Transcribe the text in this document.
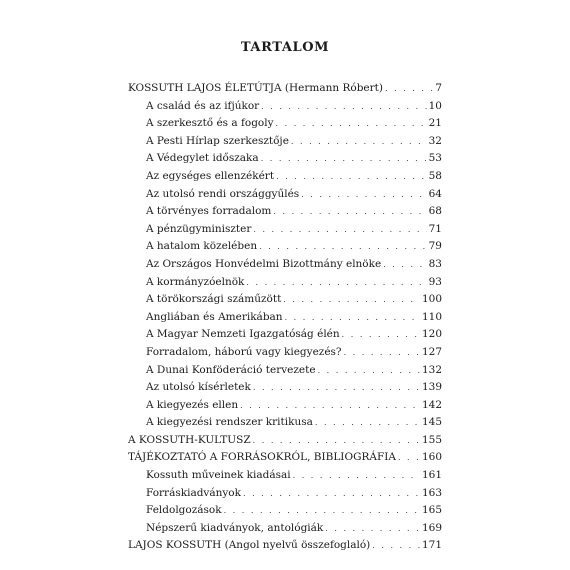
TARTALOM
KOSSUTH LAJOS ÉLETÚTJA (Hermann Róbert) . . .	7
A család és az ifjúkor . . .	10
A szerkesztő és a fogoly . . .	21
A Pesti Hírlap szerkesztője . . .	32
A Védegylet időszaka . . .	53
Az egységes ellenzékért . . .	58
Az utolsó rendi országgyűlés . . .	64
A törvényes forradalom . . .	68
A pénzügyminiszter . . .	71
A hatalom közelében . . .	79
Az Országos Honvédelmi Bizottmány elnöke . . .	83
A kormányzóelnök . . .	93
A törökországi száműzött . . .	100
Angliában és Amerikában . . .	110
A Magyar Nemzeti Igazgatóság élén . . .	120
Forradalom, háború vagy kiegyezés? . . .	127
A Dunai Konföderáció tervezete . . .	132
Az utolsó kísérletek . . .	139
A kiegyezés ellen . . .	142
A kiegyezési rendszer kritikusa . . .	145
A KOSSUTH-KULTUSZ . . .	155
TÁJÉKOZTATÓ A FORRÁSOKRÓL, BIBLIOGRÁFIA . . . 160
Kossuth műveinek kiadásai . . .	161
Forráskiadványok . . .	163
Feldolgozások . . .	165
Népszerű kiadványok, antológiák . . .	169
LAJOS KOSSUTH (Angol nyelvű összefoglaló) . . .	171
